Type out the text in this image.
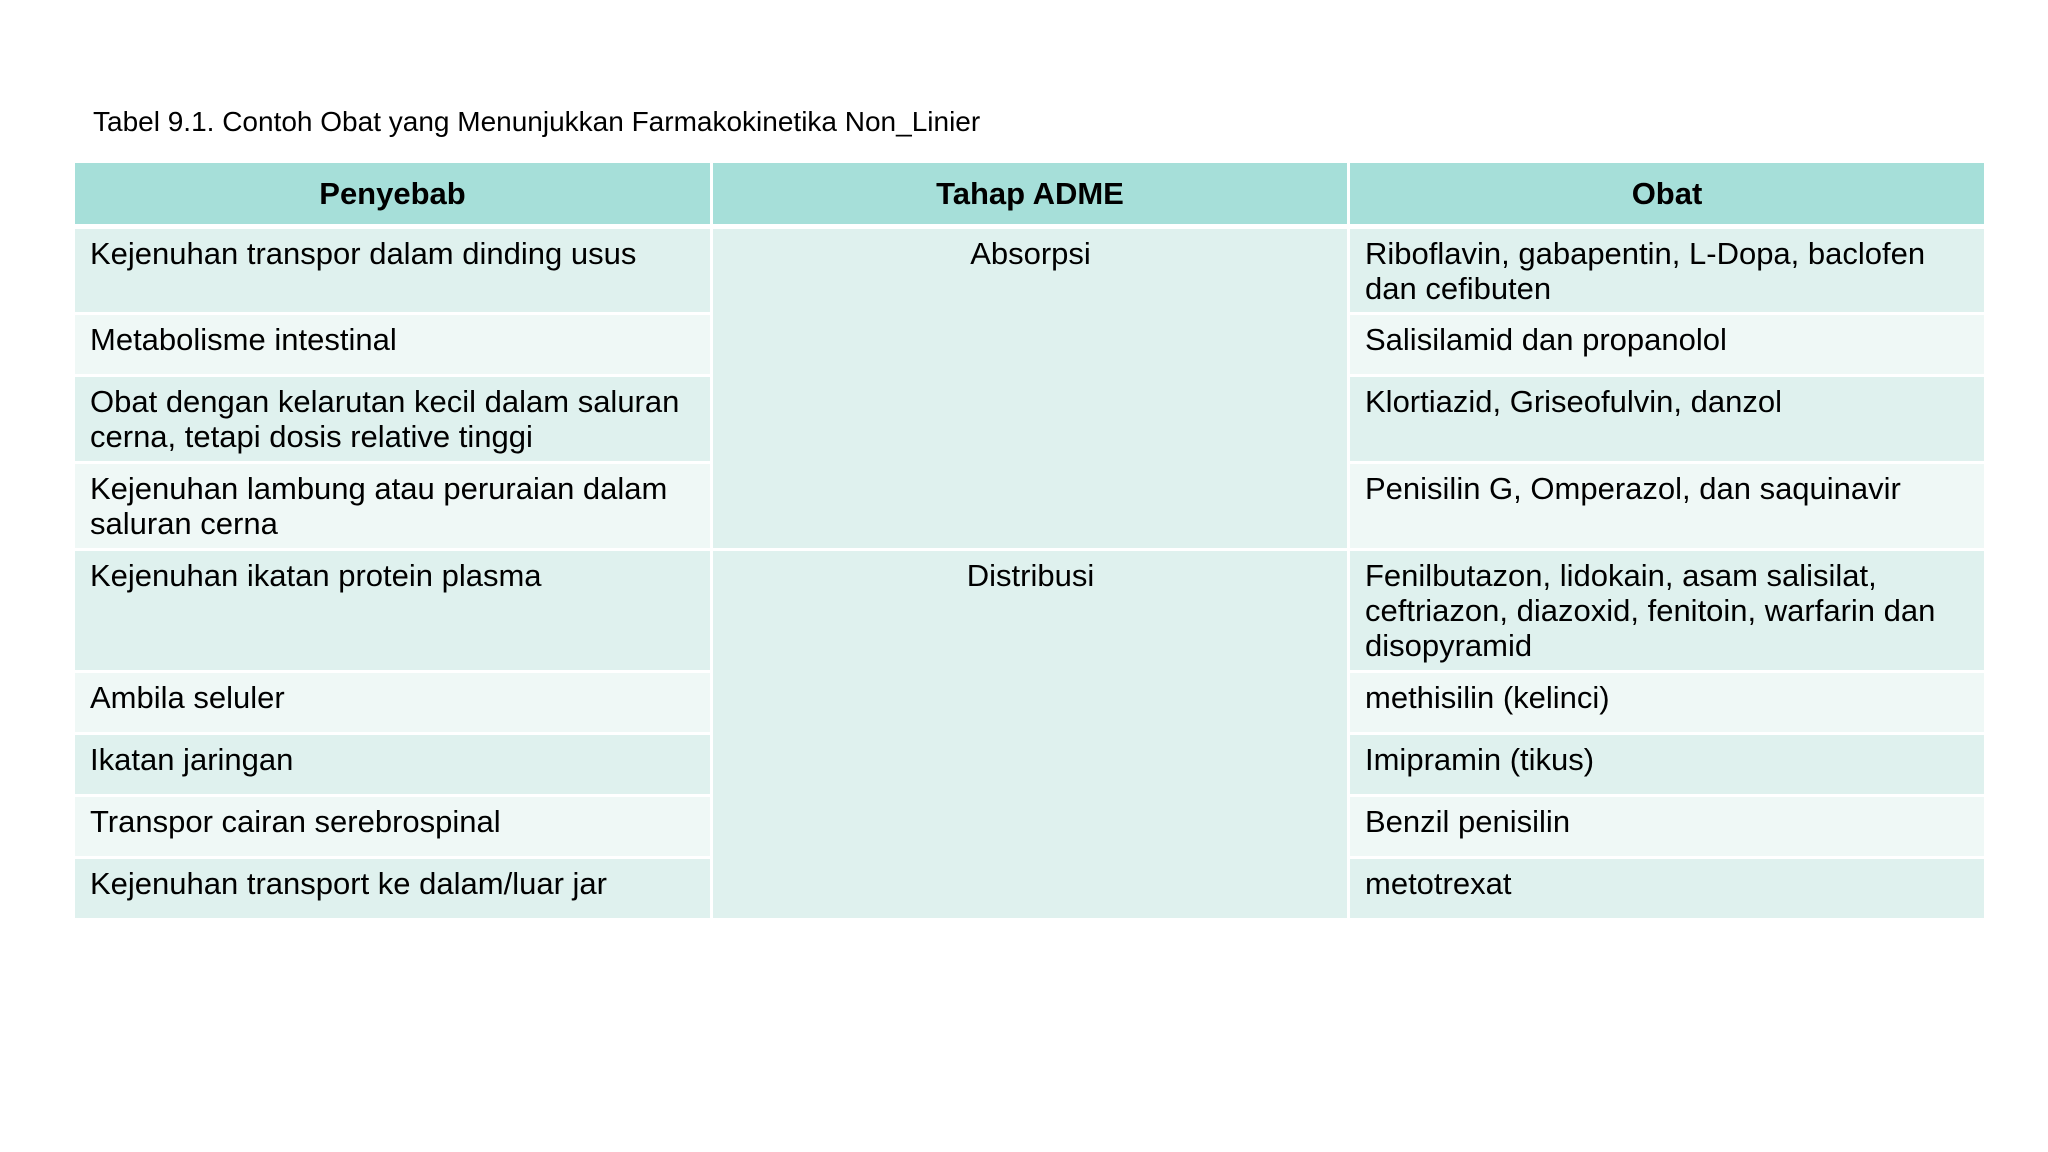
Tabel 9.1. Contoh Obat yang Menunjukkan Farmakokinetika Non_Linier
Penyebab	Tahap ADME	Obat
Kejenuhan transpor dalam dinding usus	Absorpsi	Riboflavin, gabapentin, L-Dopa, baclofen dan cefibuten
Metabolisme intestinal		Salisilamid dan propanolol
Obat dengan kelarutan kecil dalam saluran cerna, tetapi dosis relative tinggi		Klortiazid, Griseofulvin, danzol
Kejenuhan lambung atau peruraian dalam saluran cerna		Penisilin G, Omperazol, dan saquinavir
Kejenuhan ikatan protein plasma	Distribusi	Fenilbutazon, lidokain, asam salisilat, ceftriazon, diazoxid, fenitoin, warfarin dan disopyramid
Ambila seluler		methisilin (kelinci)
Ikatan jaringan		Imipramin (tikus)
Transpor cairan serebrospinal		Benzil penisilin
Kejenuhan transport ke dalam/luar jar		metotrexat
